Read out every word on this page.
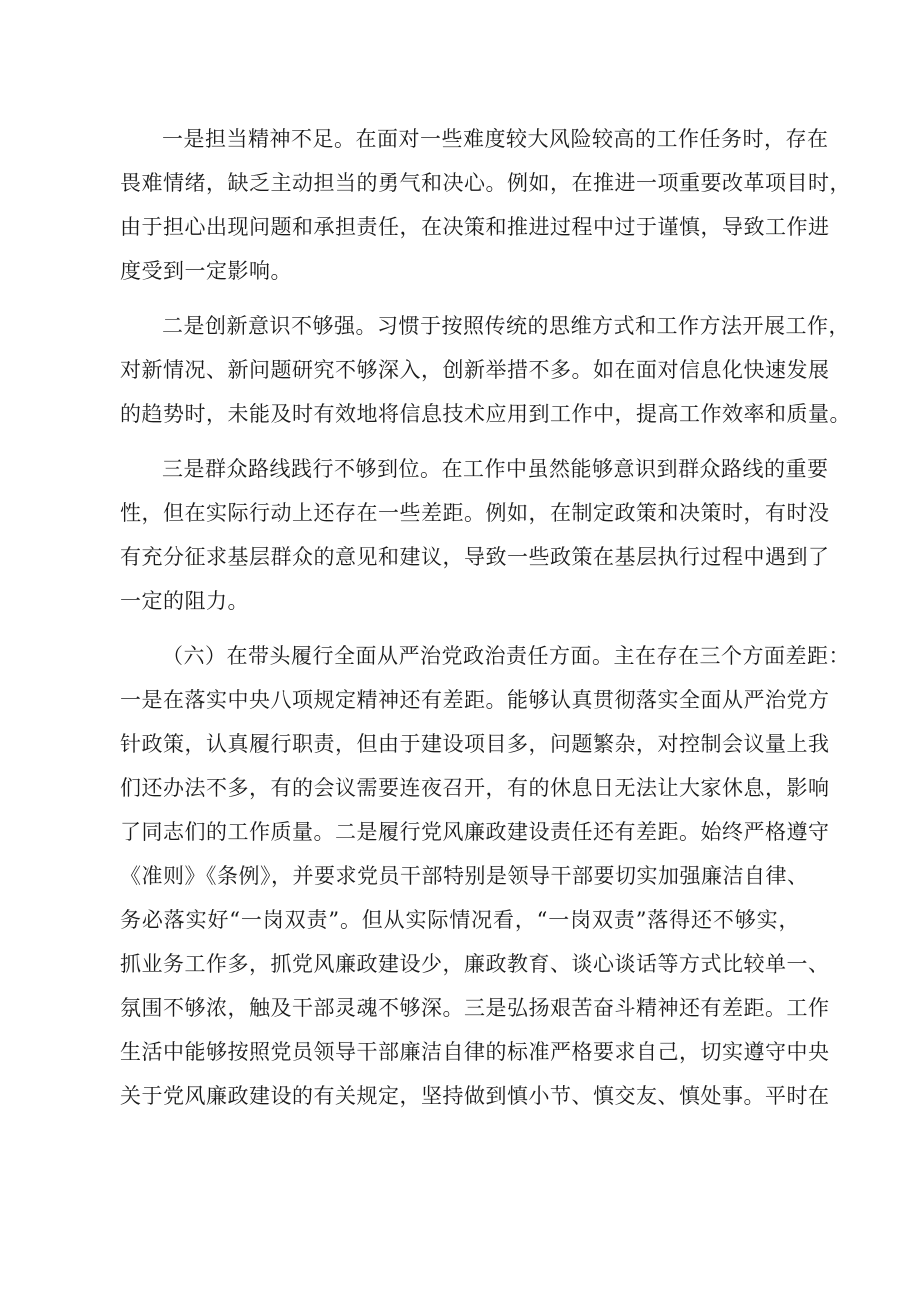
一是担当精神不足。在面对一些难度较大风险较高的工作任务时，存在

畏难情绪，缺乏主动担当的勇气和决心。例如，在推进一项重要改革项目时，

由于担心出现问题和承担责任，在决策和推进过程中过于谨慎，导致工作进

度受到一定影响。

二是创新意识不够强。习惯于按照传统的思维方式和工作方法开展工作，

对新情况、新问题研究不够深入，创新举措不多。如在面对信息化快速发展

的趋势时，未能及时有效地将信息技术应用到工作中，提高工作效率和质量。

三是群众路线践行不够到位。在工作中虽然能够意识到群众路线的重要

性，但在实际行动上还存在一些差距。例如，在制定政策和决策时，有时没

有充分征求基层群众的意见和建议，导致一些政策在基层执行过程中遇到了

一定的阻力。

（六）在带头履行全面从严治党政治责任方面。主在存在三个方面差距：

一是在落实中央八项规定精神还有差距。能够认真贯彻落实全面从严治党方

针政策，认真履行职责，但由于建设项目多，问题繁杂，对控制会议量上我

们还办法不多，有的会议需要连夜召开，有的休息日无法让大家休息，影响

了同志们的工作质量。二是履行党风廉政建设责任还有差距。始终严格遵守

《准则》《条例》，并要求党员干部特别是领导干部要切实加强廉洁自律、

务必落实好“一岗双责”。但从实际情况看，“一岗双责”落得还不够实，

抓业务工作多，抓党风廉政建设少，廉政教育、谈心谈话等方式比较单一、

氛围不够浓，触及干部灵魂不够深。三是弘扬艰苦奋斗精神还有差距。工作

生活中能够按照党员领导干部廉洁自律的标准严格要求自己，切实遵守中央

关于党风廉政建设的有关规定，坚持做到慎小节、慎交友、慎处事。平时在
